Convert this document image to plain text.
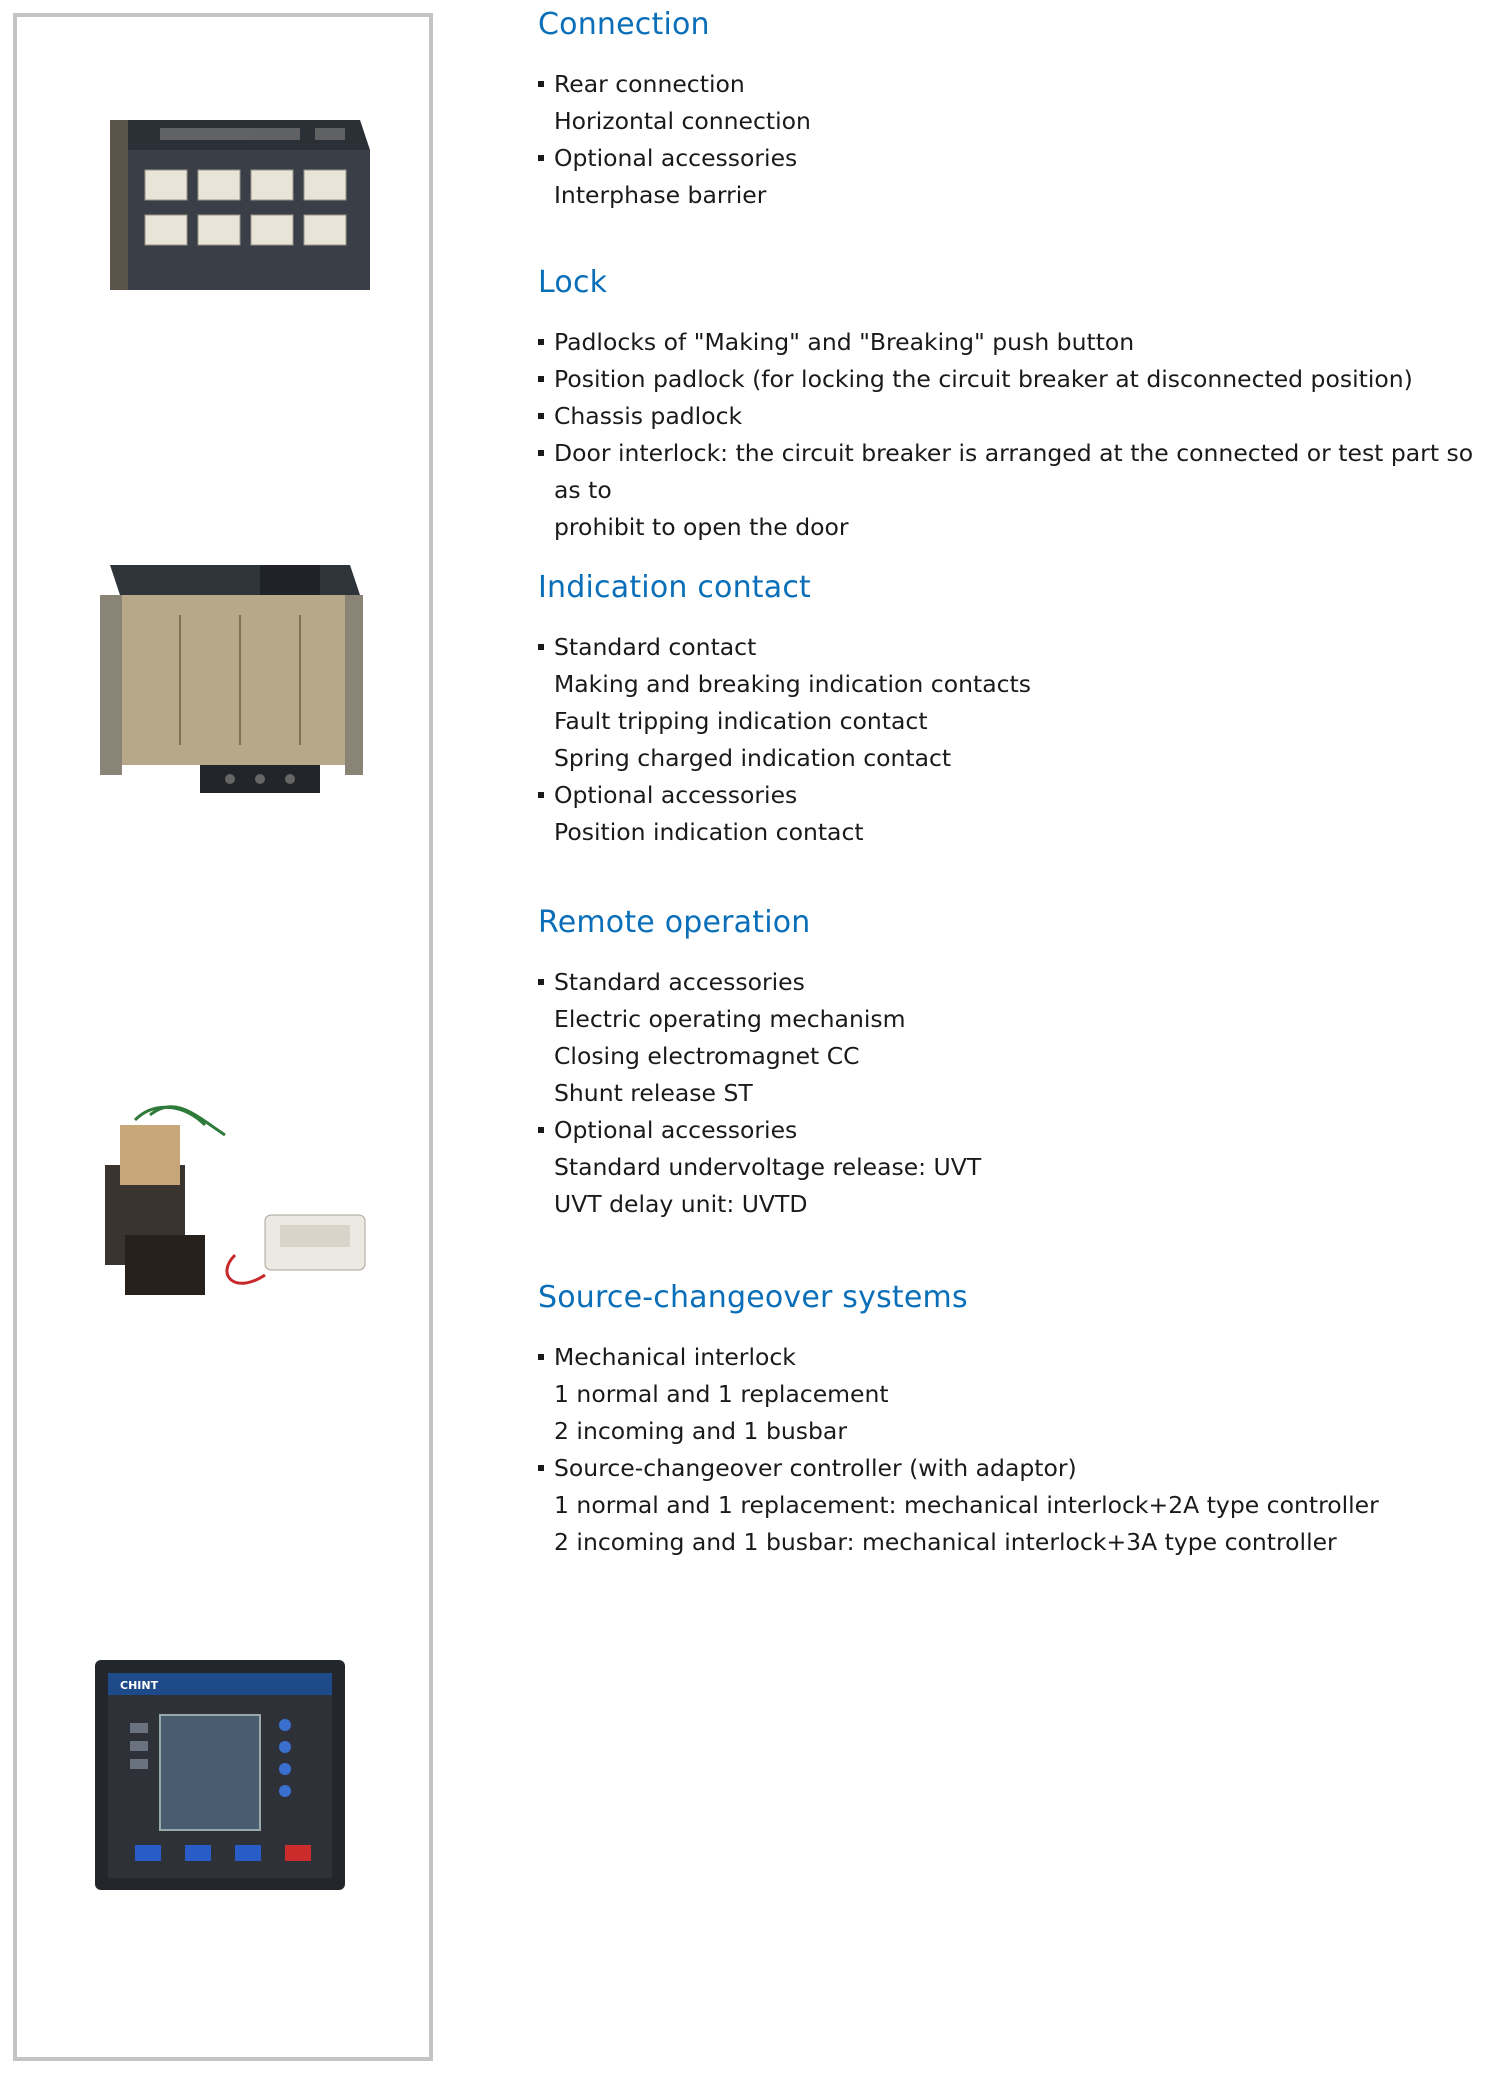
CHINT
Connection
Rear connection
Horizontal connection
Optional accessories
Interphase barrier
Lock
Padlocks of "Making" and "Breaking" push button
Position padlock (for locking the circuit breaker at disconnected position)
Chassis padlock
Door interlock: the circuit breaker is arranged at the connected or test part so as to
prohibit to open the door
Indication contact
Standard contact
Making and breaking indication contacts
Fault tripping indication contact
Spring charged indication contact
Optional accessories
Position indication contact
Remote operation
Standard accessories
Electric operating mechanism
Closing electromagnet CC
Shunt release ST
Optional accessories
Standard undervoltage release: UVT
UVT delay unit: UVTD
Source-changeover systems
Mechanical interlock
1 normal and 1 replacement
2 incoming and 1 busbar
Source-changeover controller (with adaptor)
1 normal and 1 replacement: mechanical interlock+2A type controller
2 incoming and 1 busbar: mechanical interlock+3A type controller
